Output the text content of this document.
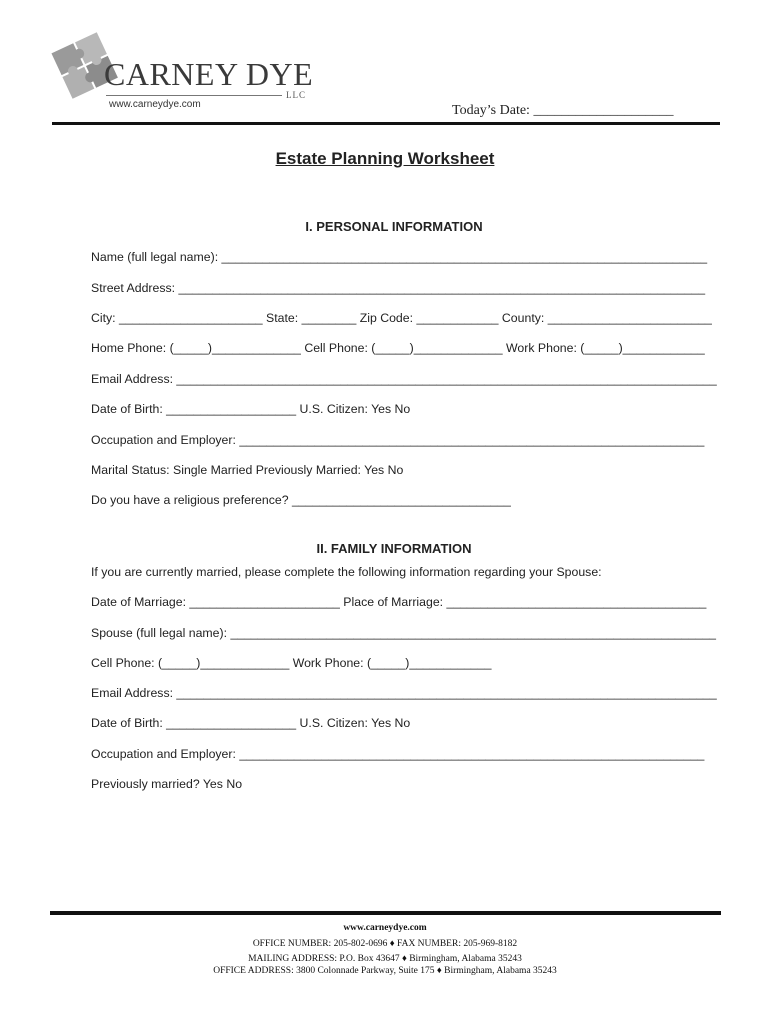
CARNEY DYE
LLC
www.carneydye.com	Today’s Date: ____________________
Estate Planning Worksheet
I. PERSONAL INFORMATION
Name (full legal name): _______________________________________________________________________
Street Address: _____________________________________________________________________________
City: _____________________ State: ________ Zip Code: ____________ County: ________________________
Home Phone: (_____)_____________ Cell Phone: (_____)_____________ Work Phone: (_____)____________
Email Address: _______________________________________________________________________________
Date of Birth: ___________________ U.S. Citizen: Yes No
Occupation and Employer: ____________________________________________________________________
Marital Status: Single Married Previously Married: Yes No
Do you have a religious preference? ________________________________
II. FAMILY INFORMATION
If you are currently married, please complete the following information regarding your Spouse:
Date of Marriage: ______________________ Place of Marriage: ______________________________________
Spouse (full legal name): _______________________________________________________________________
Cell Phone: (_____)_____________ Work Phone: (_____)____________
Email Address: _______________________________________________________________________________
Date of Birth: ___________________ U.S. Citizen: Yes No
Occupation and Employer: ____________________________________________________________________
Previously married? Yes No
www.carneydye.com
OFFICE NUMBER: 205-802-0696 ♦ FAX NUMBER: 205-969-8182
MAILING ADDRESS: P.O. Box 43647 ♦ Birmingham, Alabama 35243
OFFICE ADDRESS: 3800 Colonnade Parkway, Suite 175 ♦ Birmingham, Alabama 35243
